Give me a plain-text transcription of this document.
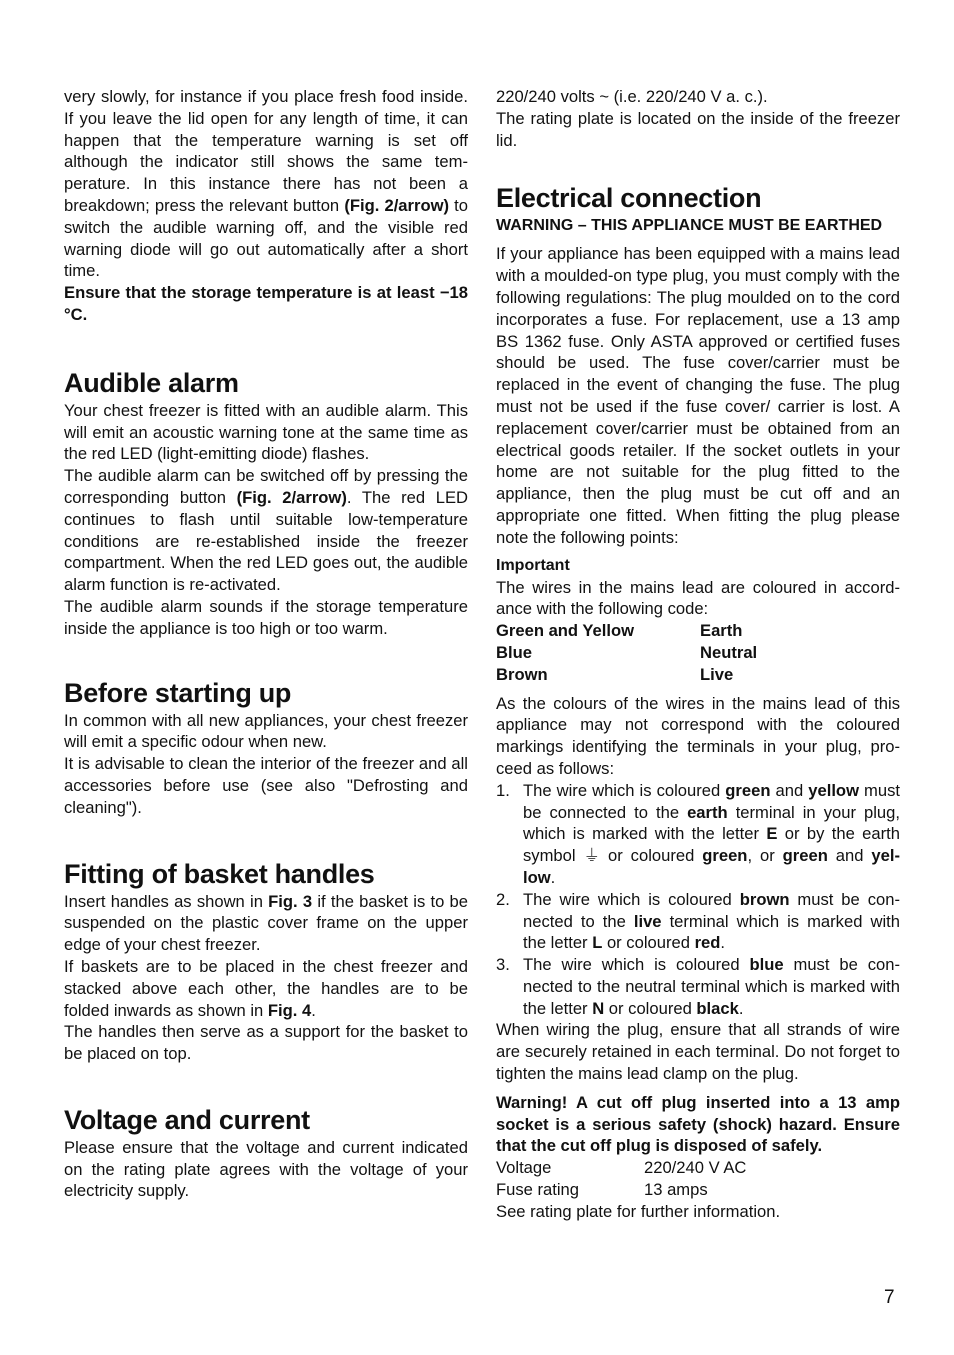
very slowly, for instance if you place fresh food inside. If you leave the lid open for any length of time, it can happen that the temperature warning is set off although the indicator still shows the same temperature. In this instance there has not been a breakdown; press the relevant button (Fig. 2/arrow) to switch the audible warning off, and the visible red warning diode will go out automatically after a short time.

Ensure that the storage temperature is at least −18 °C.

Audible alarm

Your chest freezer is fitted with an audible alarm. This will emit an acoustic warning tone at the same time as the red LED (light-emitting diode) flashes.

The audible alarm can be switched off by pressing the corresponding button (Fig. 2/arrow). The red LED continues to flash until suitable low-temperature conditions are re-established inside the freezer compartment. When the red LED goes out, the audible alarm function is re-activated.

The audible alarm sounds if the storage temperature inside the appliance is too high or too warm.

Before starting up

In common with all new appliances, your chest freezer will emit a specific odour when new.

It is advisable to clean the interior of the freezer and all accessories before use (see also "Defrosting and cleaning").

Fitting of basket handles

Insert handles as shown in Fig. 3 if the basket is to be suspended on the plastic cover frame on the upper edge of your chest freezer.

If baskets are to be placed in the chest freezer and stacked above each other, the handles are to be folded inwards as shown in Fig. 4.

The handles then serve as a support for the basket to be placed on top.

Voltage and current

Please ensure that the voltage and current indicated on the rating plate agrees with the voltage of your electricity supply.

220/240 volts ~ (i.e. 220/240 V a. c.).

The rating plate is located on the inside of the freezer lid.

Electrical connection
WARNING – THIS APPLIANCE MUST BE EARTHED

If your appliance has been equipped with a mains lead with a moulded-on type plug, you must comply with the following regulations: The plug moulded on to the cord incorporates a fuse. For replacement, use a 13 amp BS 1362 fuse. Only ASTA approved or certified fuses should be used. The fuse cover/carrier must be replaced in the event of changing the fuse. The plug must not be used if the fuse cover/ carrier is lost. A replacement cover/carrier must be obtained from an electrical goods retailer. If the socket outlets in your home are not suitable for the plug fitted to the appliance, then the plug must be cut off and an appropriate one fitted. When fitting the plug please note the following points:

Important

The wires in the mains lead are coloured in accordance with the following code:

Green and Yellow	Earth
Blue	Neutral
Brown	Live

As the colours of the wires in the mains lead of this appliance may not correspond with the coloured markings identifying the terminals in your plug, proceed as follows:

1. The wire which is coloured green and yellow must be connected to the earth terminal in your plug, which is marked with the letter E or by the earth symbol ⏚ or coloured green, or green and yellow.
2. The wire which is coloured brown must be connected to the live terminal which is marked with the letter L or coloured red.
3. The wire which is coloured blue must be connected to the neutral terminal which is marked with the letter N or coloured black.

When wiring the plug, ensure that all strands of wire are securely retained in each terminal. Do not forget to tighten the mains lead clamp on the plug.

Warning! A cut off plug inserted into a 13 amp socket is a serious safety (shock) hazard. Ensure that the cut off plug is disposed of safely.

Voltage	220/240 V AC
Fuse rating	13 amps

See rating plate for further information.

7
